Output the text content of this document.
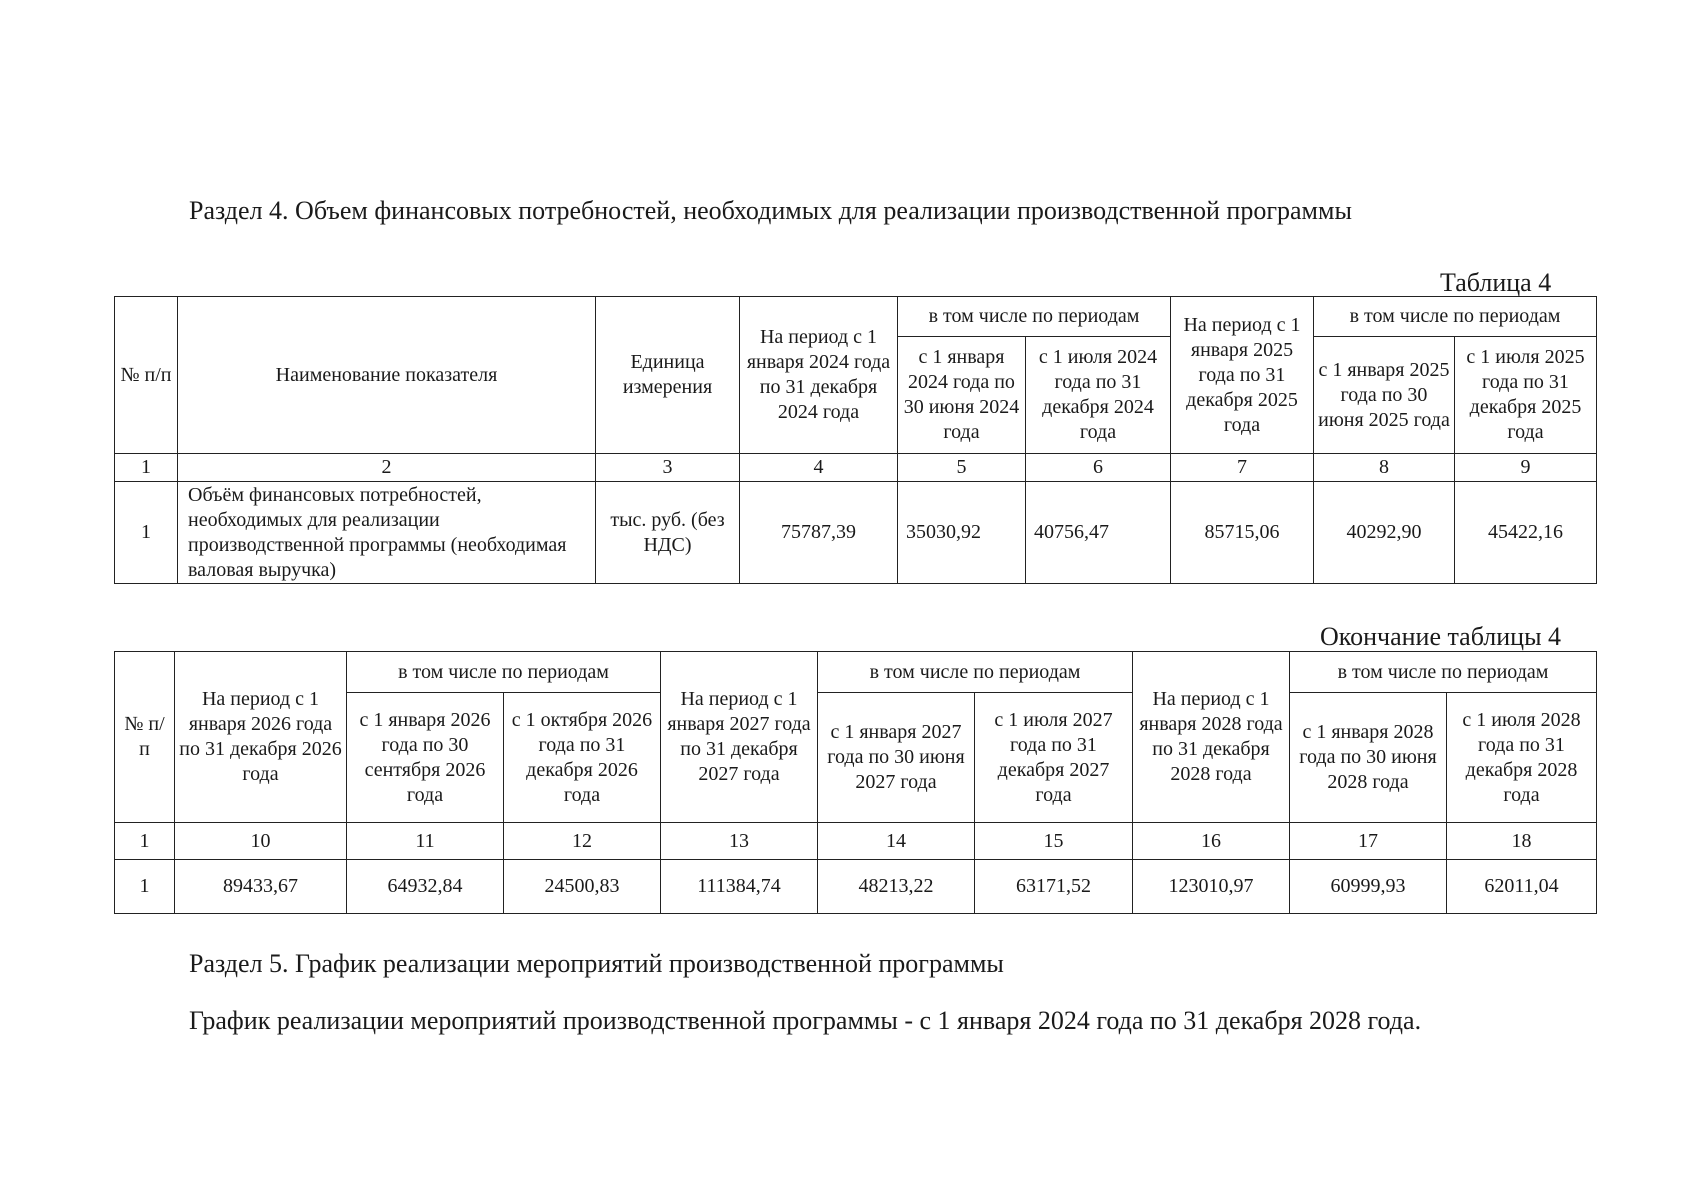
Раздел 4. Объем финансовых потребностей, необходимых для реализации производственной программы
Таблица 4
№ п/п	Наименование показателя	Единица измерения	На период с 1 января 2024 года по 31 декабря 2024 года	в том числе по периодам		На период с 1 января 2025 года по 31 декабря 2025 года	в том числе по периодам	
				с 1 января 2024 года по 30 июня 2024 года	с 1 июля 2024 года по 31 декабря 2024 года		с 1 января 2025 года по 30 июня 2025 года	с 1 июля 2025 года по 31 декабря 2025 года
1	2	3	4	5	6	7	8	9
1	Объём финансовых потребностей, необходимых для реализации производственной программы (необходимая валовая выручка)	тыс. руб. (без НДС)	75787,39	35030,92	40756,47	85715,06	40292,90	45422,16
Окончание таблицы 4
№ п/п	На период с 1 января 2026 года по 31 декабря 2026 года	в том числе по периодам		На период с 1 января 2027 года по 31 декабря 2027 года	в том числе по периодам		На период с 1 января 2028 года по 31 декабря 2028 года	в том числе по периодам	
		с 1 января 2026 года по 30 сентября 2026 года	с 1 октября 2026 года по 31 декабря 2026 года		с 1 января 2027 года по 30 июня 2027 года	с 1 июля 2027 года по 31 декабря 2027 года		с 1 января 2028 года по 30 июня 2028 года	с 1 июля 2028 года по 31 декабря 2028 года
1	10	11	12	13	14	15	16	17	18
1	89433,67	64932,84	24500,83	111384,74	48213,22	63171,52	123010,97	60999,93	62011,04
Раздел 5. График реализации мероприятий производственной программы
График реализации мероприятий производственной программы - с 1 января 2024 года по 31 декабря 2028 года.
